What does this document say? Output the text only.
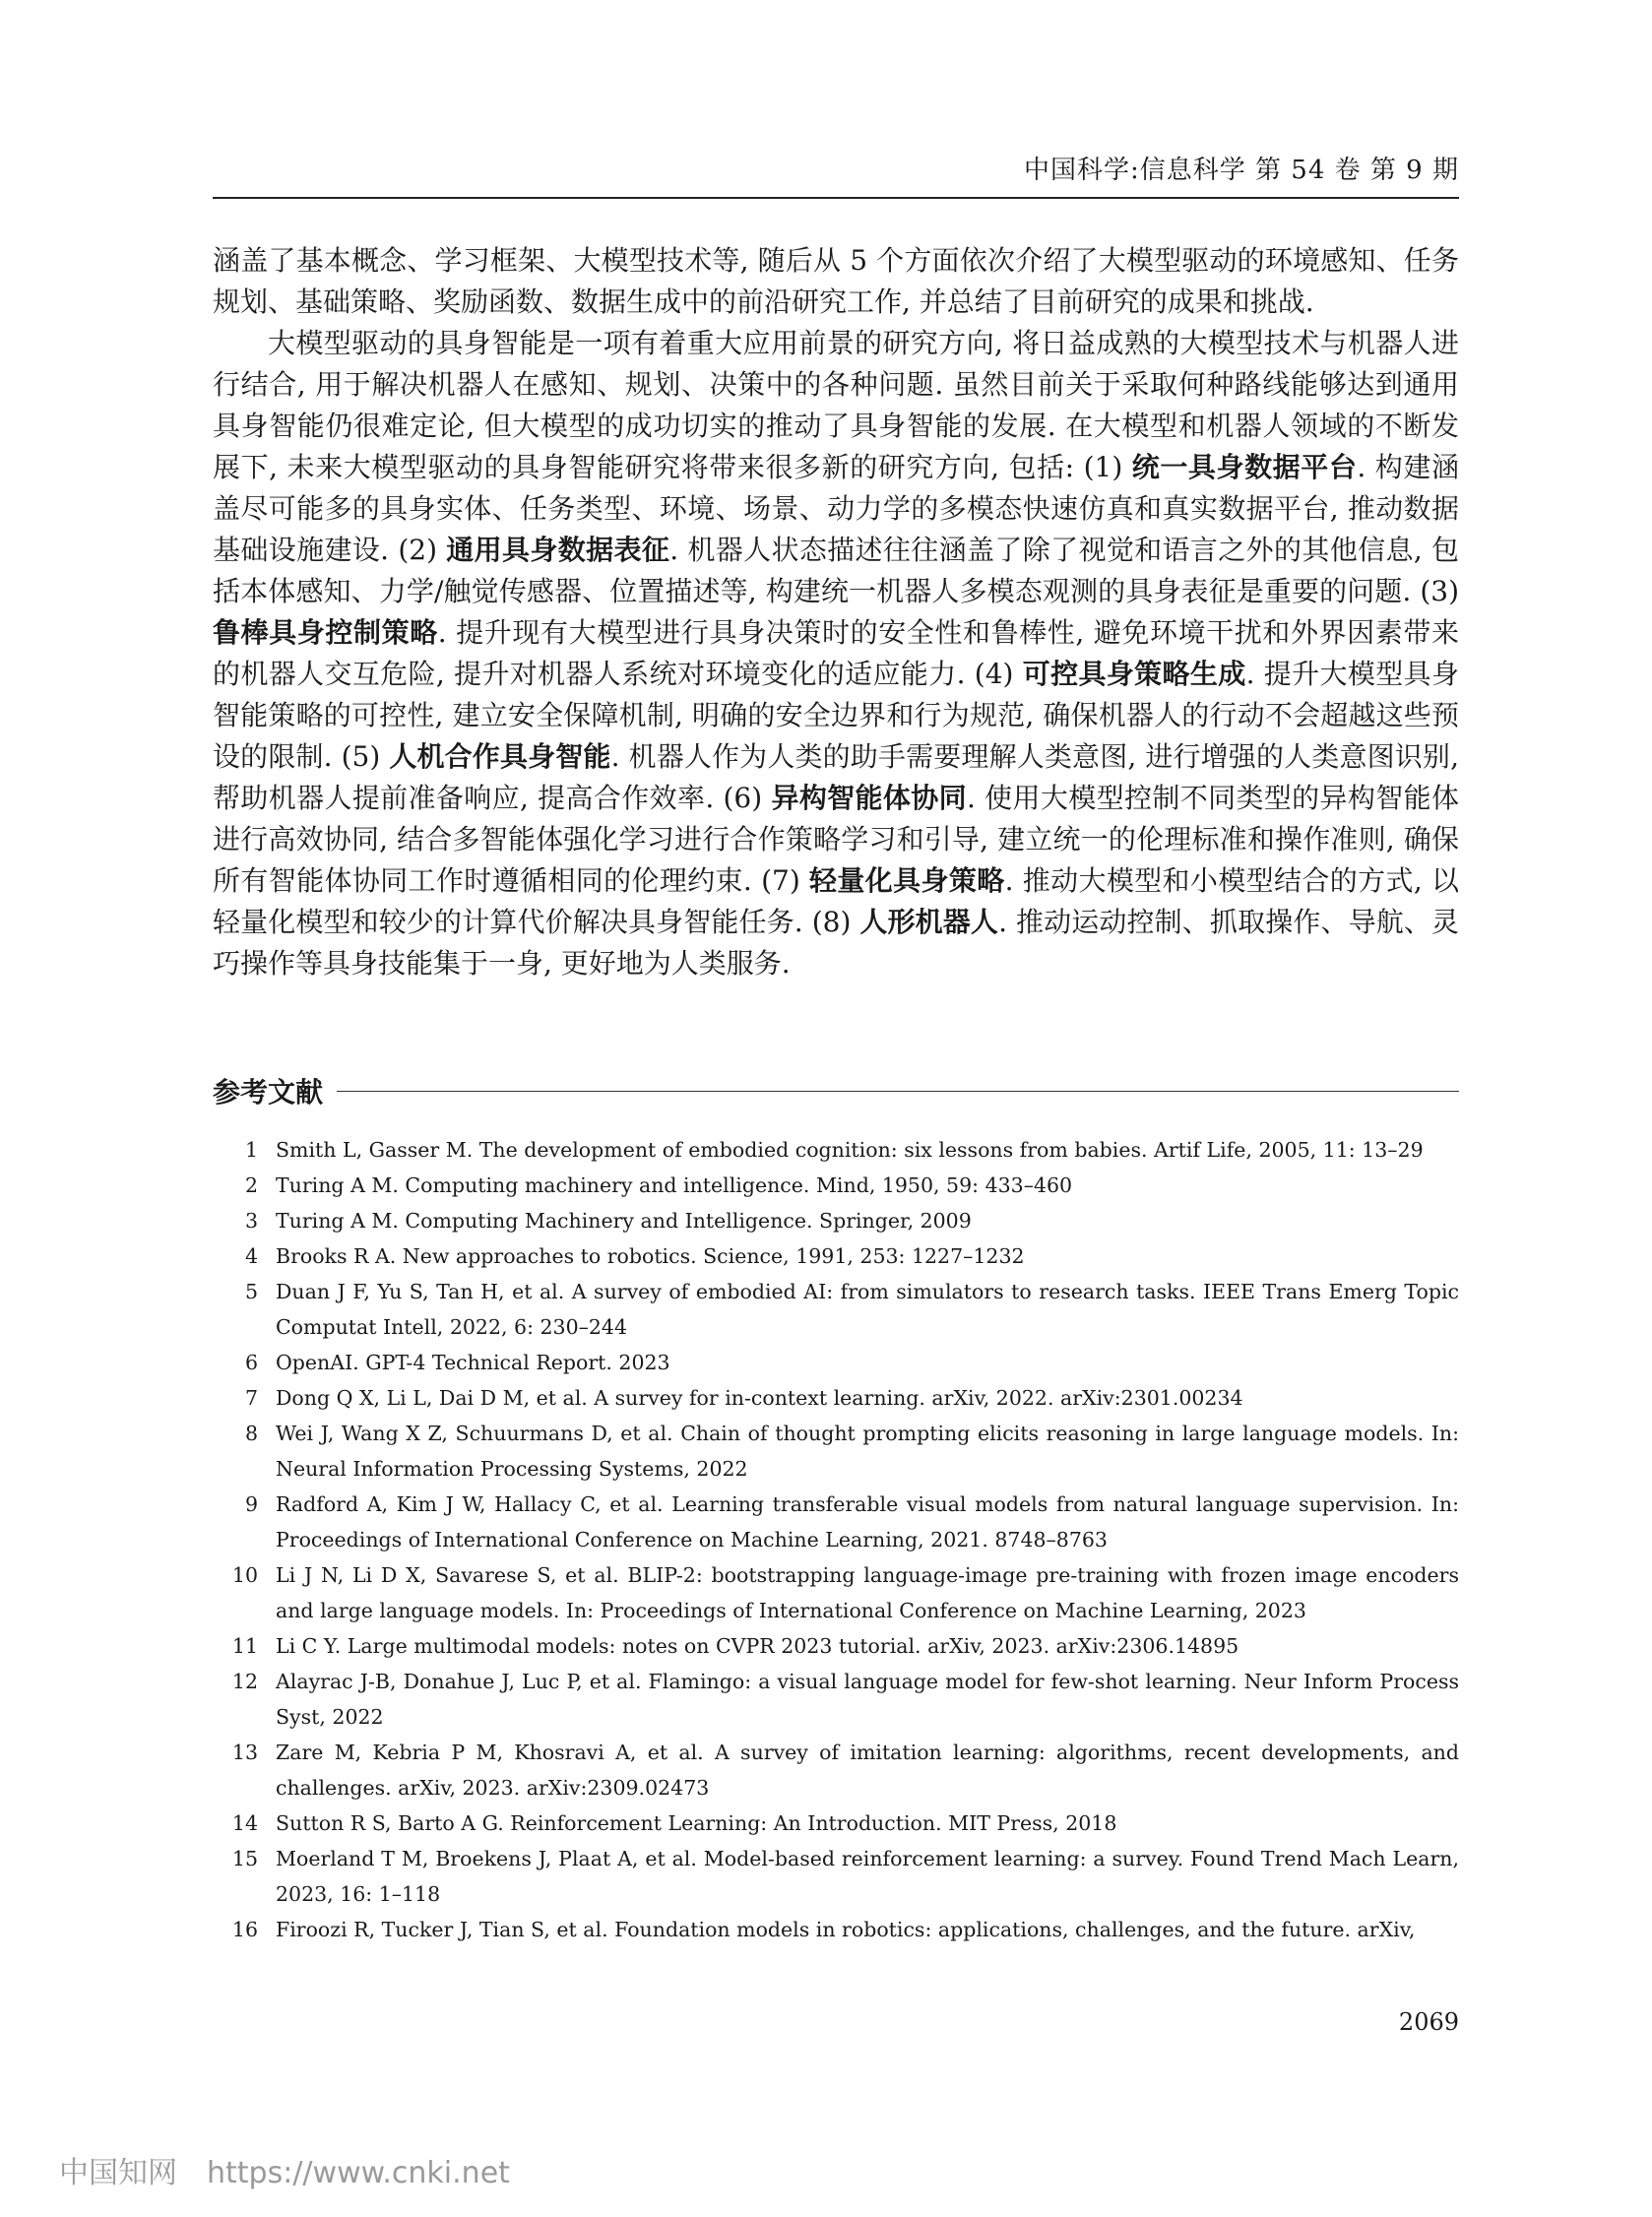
中国科学:信息科学 第 54 卷 第 9 期

涵盖了基本概念、学习框架、大模型技术等, 随后从 5 个方面依次介绍了大模型驱动的环境感知、任务规划、基础策略、奖励函数、数据生成中的前沿研究工作, 并总结了目前研究的成果和挑战.

大模型驱动的具身智能是一项有着重大应用前景的研究方向, 将日益成熟的大模型技术与机器人进行结合, 用于解决机器人在感知、规划、决策中的各种问题. 虽然目前关于采取何种路线能够达到通用具身智能仍很难定论, 但大模型的成功切实的推动了具身智能的发展. 在大模型和机器人领域的不断发展下, 未来大模型驱动的具身智能研究将带来很多新的研究方向, 包括: (1) 统一具身数据平台. 构建涵盖尽可能多的具身实体、任务类型、环境、场景、动力学的多模态快速仿真和真实数据平台, 推动数据基础设施建设. (2) 通用具身数据表征. 机器人状态描述往往涵盖了除了视觉和语言之外的其他信息, 包括本体感知、力学/触觉传感器、位置描述等, 构建统一机器人多模态观测的具身表征是重要的问题. (3) 鲁棒具身控制策略. 提升现有大模型进行具身决策时的安全性和鲁棒性, 避免环境干扰和外界因素带来的机器人交互危险, 提升对机器人系统对环境变化的适应能力. (4) 可控具身策略生成. 提升大模型具身智能策略的可控性, 建立安全保障机制, 明确的安全边界和行为规范, 确保机器人的行动不会超越这些预设的限制. (5) 人机合作具身智能. 机器人作为人类的助手需要理解人类意图, 进行增强的人类意图识别, 帮助机器人提前准备响应, 提高合作效率. (6) 异构智能体协同. 使用大模型控制不同类型的异构智能体进行高效协同, 结合多智能体强化学习进行合作策略学习和引导, 建立统一的伦理标准和操作准则, 确保所有智能体协同工作时遵循相同的伦理约束. (7) 轻量化具身策略. 推动大模型和小模型结合的方式, 以轻量化模型和较少的计算代价解决具身智能任务. (8) 人形机器人. 推动运动控制、抓取操作、导航、灵巧操作等具身技能集于一身, 更好地为人类服务.

参考文献
1 Smith L, Gasser M. The development of embodied cognition: six lessons from babies. Artif Life, 2005, 11: 13–29
2 Turing A M. Computing machinery and intelligence. Mind, 1950, 59: 433–460
3 Turing A M. Computing Machinery and Intelligence. Springer, 2009
4 Brooks R A. New approaches to robotics. Science, 1991, 253: 1227–1232
5 Duan J F, Yu S, Tan H, et al. A survey of embodied AI: from simulators to research tasks. IEEE Trans Emerg Topic Computat Intell, 2022, 6: 230–244
6 OpenAI. GPT-4 Technical Report. 2023
7 Dong Q X, Li L, Dai D M, et al. A survey for in-context learning. arXiv, 2022. arXiv:2301.00234
8 Wei J, Wang X Z, Schuurmans D, et al. Chain of thought prompting elicits reasoning in large language models. In: Neural Information Processing Systems, 2022
9 Radford A, Kim J W, Hallacy C, et al. Learning transferable visual models from natural language supervision. In: Proceedings of International Conference on Machine Learning, 2021. 8748–8763
10 Li J N, Li D X, Savarese S, et al. BLIP-2: bootstrapping language-image pre-training with frozen image encoders and large language models. In: Proceedings of International Conference on Machine Learning, 2023
11 Li C Y. Large multimodal models: notes on CVPR 2023 tutorial. arXiv, 2023. arXiv:2306.14895
12 Alayrac J-B, Donahue J, Luc P, et al. Flamingo: a visual language model for few-shot learning. Neur Inform Process Syst, 2022
13 Zare M, Kebria P M, Khosravi A, et al. A survey of imitation learning: algorithms, recent developments, and challenges. arXiv, 2023. arXiv:2309.02473
14 Sutton R S, Barto A G. Reinforcement Learning: An Introduction. MIT Press, 2018
15 Moerland T M, Broekens J, Plaat A, et al. Model-based reinforcement learning: a survey. Found Trend Mach Learn, 2023, 16: 1–118
16 Firoozi R, Tucker J, Tian S, et al. Foundation models in robotics: applications, challenges, and the future. arXiv,
2069
中国知网 https://www.cnki.net
